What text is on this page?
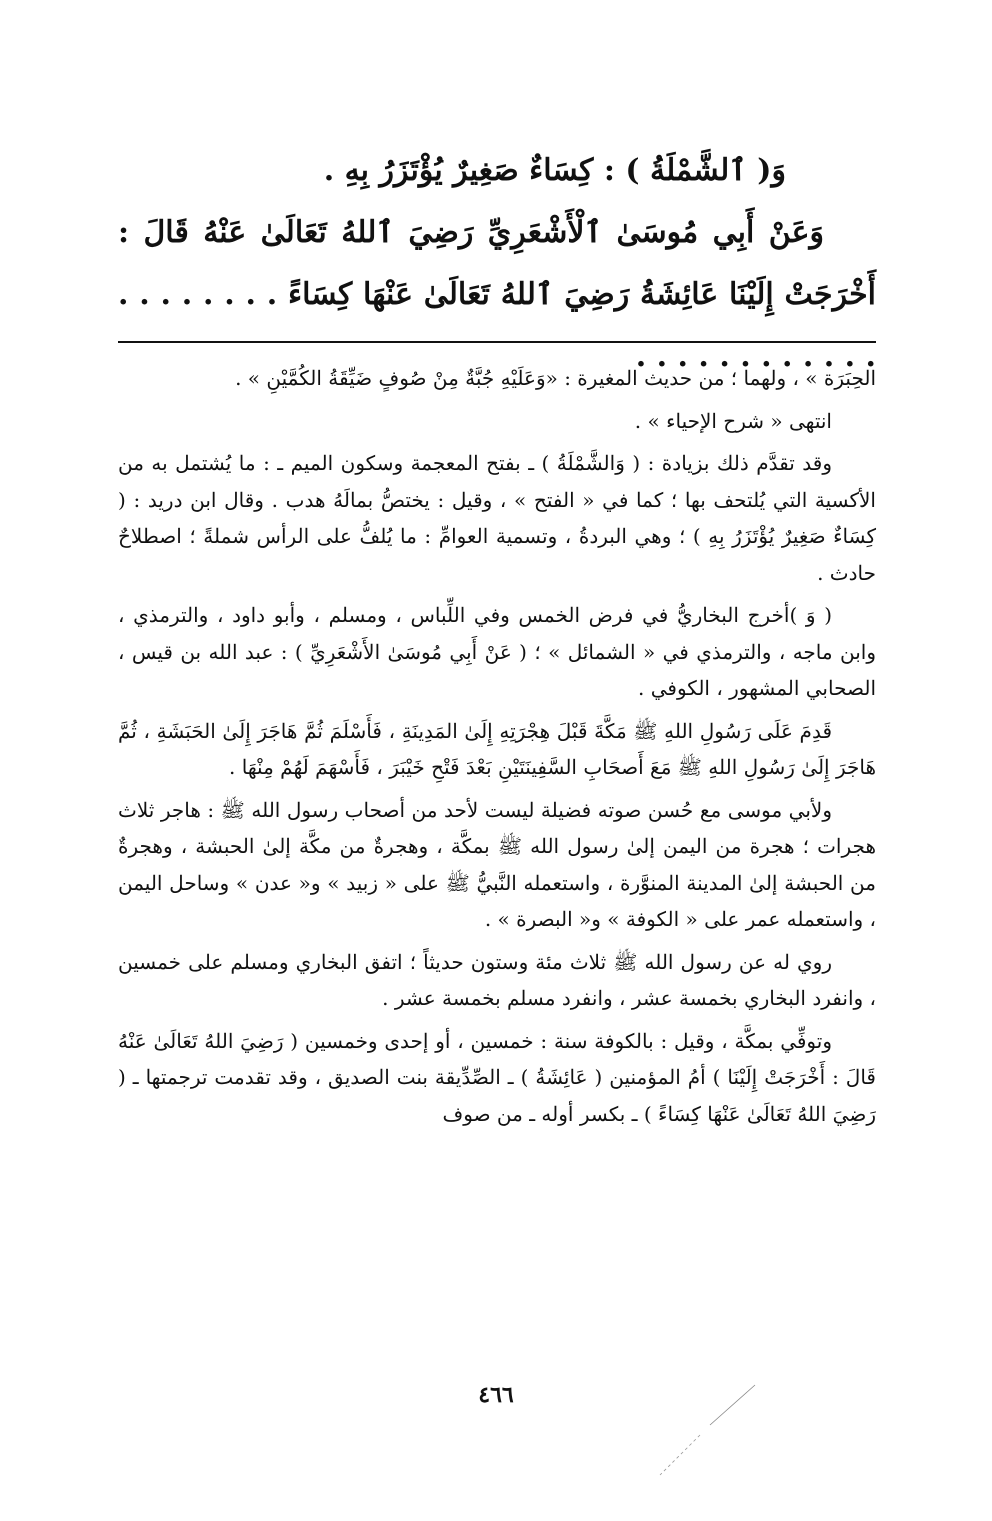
وَ( ٱلشَّمْلَةُ ) : كِسَاءٌ صَغِيرٌ يُؤْتَزَرُ بِهِ .

وَعَنْ أَبِي مُوسَىٰ ٱلْأَشْعَرِيِّ رَضِيَ ٱللهُ تَعَالَىٰ عَنْهُ قَالَ : أَخْرَجَتْ إِلَيْنَا عَائِشَةُ رَضِيَ ٱللهُ تَعَالَىٰ عَنْهَا كِسَاءً . . . . . . . . . . . . . . . . . . . .

الحِبَرَة » ، ولهما ؛ من حديث المغيرة : «وَعَلَيْهِ جُبَّةٌ مِنْ صُوفٍ ضَيِّقَةُ الكُمَّيْنِ » .

انتهى « شرح الإحياء » .

وقد تقدَّم ذلك بزيادة : ( وَالشَّمْلَةُ ) ـ بفتح المعجمة وسكون الميم ـ : ما يُشتمل به من الأكسية التي يُلتحف بها ؛ كما في « الفتح » ، وقيل : يختصُّ بمالَهُ هدب . وقال ابن دريد : ( كِسَاءٌ صَغِيرٌ يُؤْتَزَرُ بِهِ ) ؛ وهي البردةُ ، وتسمية العوامِّ : ما يُلفُّ على الرأس شملةً ؛ اصطلاحٌ حادث .

( وَ )أخرج البخاريُّ في فرض الخمس وفي اللِّباس ، ومسلم ، وأبو داود ، والترمذي ، وابن ماجه ، والترمذي في « الشمائل » ؛ ( عَنْ أَبِي مُوسَىٰ الأَشْعَرِيِّ ) : عبد الله بن قيس ، الصحابي المشهور ، الكوفي .

قَدِمَ عَلَى رَسُولِ اللهِ ﷺ مَكَّةَ قَبْلَ هِجْرَتِهِ إِلَىٰ المَدِينَةِ ، فَأَسْلَمَ ثُمَّ هَاجَرَ إِلَىٰ الحَبَشَةِ ، ثُمَّ هَاجَرَ إِلَىٰ رَسُولِ اللهِ ﷺ مَعَ أَصحَابِ السَّفِينَتَيْنِ بَعْدَ فَتْحِ خَيْبَرَ ، فَأَسْهَمَ لَهُمْ مِنْهَا .

ولأبي موسى مع حُسن صوته فضيلة ليست لأحد من أصحاب رسول الله ﷺ : هاجر ثلاث هجرات ؛ هجرة من اليمن إلىٰ رسول الله ﷺ بمكَّة ، وهجرةٌ من مكَّة إلىٰ الحبشة ، وهجرةٌ من الحبشة إلىٰ المدينة المنوَّرة ، واستعمله النَّبيُّ ﷺ على « زبيد » و« عدن » وساحل اليمن ، واستعمله عمر على « الكوفة » و« البصرة » .

روي له عن رسول الله ﷺ ثلاث مئة وستون حديثاً ؛ اتفق البخاري ومسلم على خمسين ، وانفرد البخاري بخمسة عشر ، وانفرد مسلم بخمسة عشر .

وتوفِّي بمكَّة ، وقيل : بالكوفة سنة : خمسين ، أو إحدى وخمسين ( رَضِيَ اللهُ تَعَالَىٰ عَنْهُ قَالَ : أَخْرَجَتْ إِلَيْنَا ) أمُ المؤمنين ( عَائِشَةُ ) ـ الصِّدِّيقة بنت الصديق ، وقد تقدمت ترجمتها ـ ( رَضِيَ اللهُ تَعَالَىٰ عَنْهَا كِسَاءً ) ـ بكسر أوله ـ من صوف

٤٦٦
